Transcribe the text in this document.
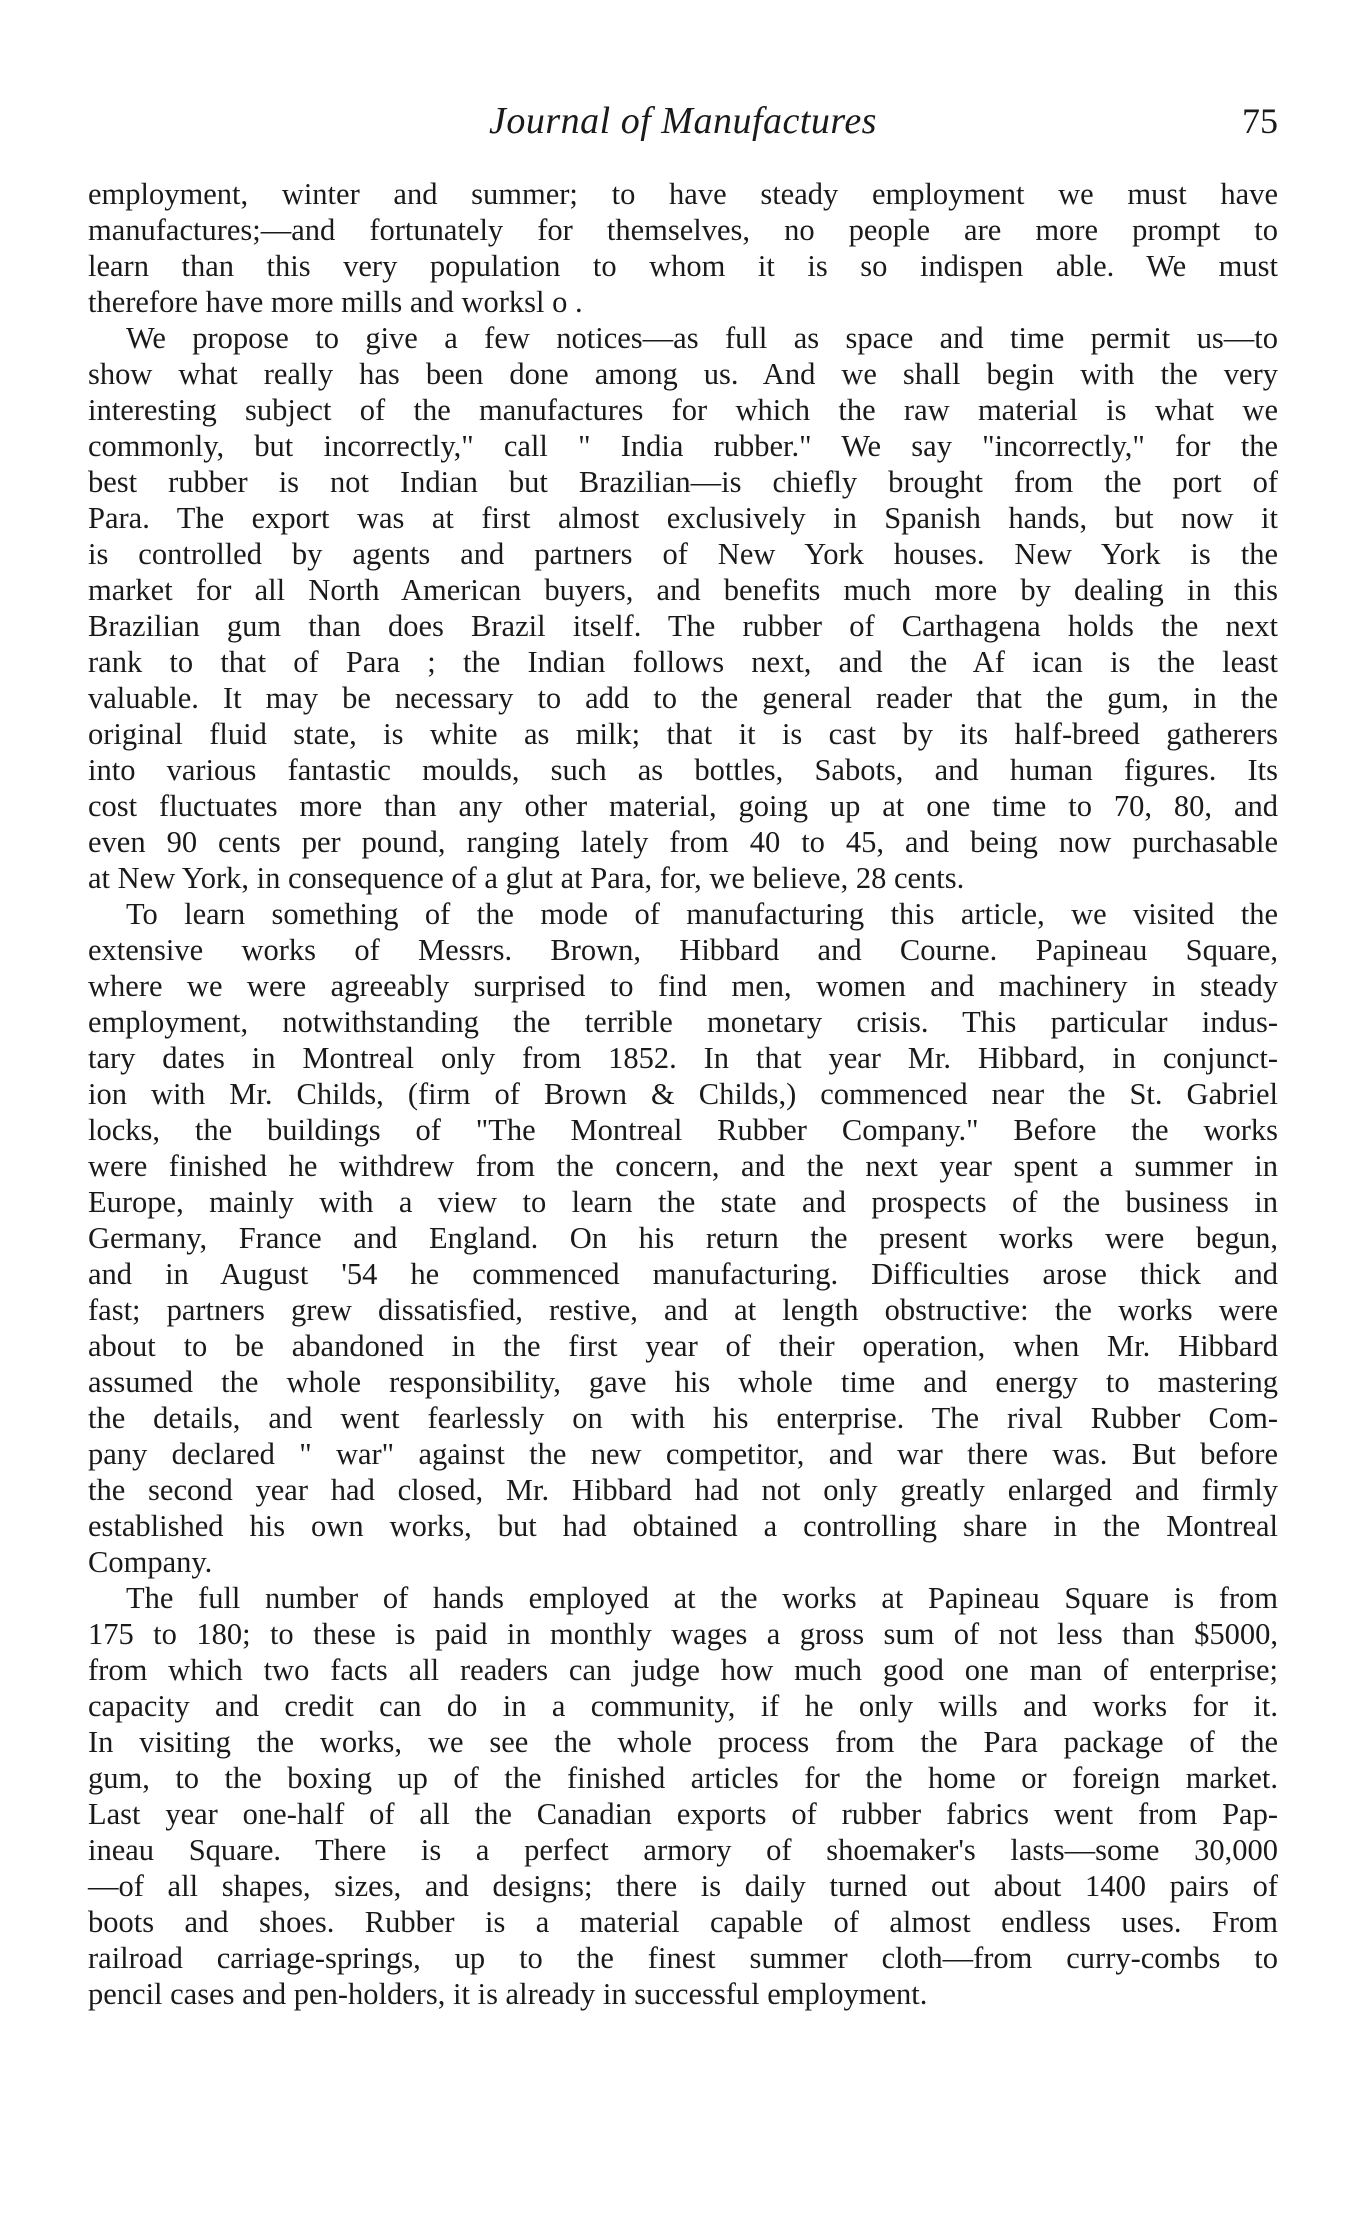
Journal of Manufactures	75
employment, winter and summer; to have steady employment we must have
manufactures;—and fortunately for themselves, no people are more prompt to
learn than this very population to whom it is so indispen able. We must
therefore have more mills and worksl o .
We propose to give a few notices—as full as space and time permit us—to
show what really has been done among us. And we shall begin with the very
interesting subject of the manufactures for which the raw material is what we
commonly, but incorrectly," call " India rubber." We say "incorrectly," for the
best rubber is not Indian but Brazilian—is chiefly brought from the port of
Para. The export was at first almost exclusively in Spanish hands, but now it
is controlled by agents and partners of New York houses. New York is the
market for all North American buyers, and benefits much more by dealing in this
Brazilian gum than does Brazil itself. The rubber of Carthagena holds the next
rank to that of Para ; the Indian follows next, and the Af ican is the least
valuable. It may be necessary to add to the general reader that the gum, in the
original fluid state, is white as milk; that it is cast by its half-breed gatherers
into various fantastic moulds, such as bottles, Sabots, and human figures. Its
cost fluctuates more than any other material, going up at one time to 70, 80, and
even 90 cents per pound, ranging lately from 40 to 45, and being now purchasable
at New York, in consequence of a glut at Para, for, we believe, 28 cents.
To learn something of the mode of manufacturing this article, we visited the
extensive works of Messrs. Brown, Hibbard and Courne. Papineau Square,
where we were agreeably surprised to find men, women and machinery in steady
employment, notwithstanding the terrible monetary crisis. This particular indus-
tary dates in Montreal only from 1852. In that year Mr. Hibbard, in conjunct-
ion with Mr. Childs, (firm of Brown & Childs,) commenced near the St. Gabriel
locks, the buildings of "The Montreal Rubber Company." Before the works
were finished he withdrew from the concern, and the next year spent a summer in
Europe, mainly with a view to learn the state and prospects of the business in
Germany, France and England. On his return the present works were begun,
and in August '54 he commenced manufacturing. Difficulties arose thick and
fast; partners grew dissatisfied, restive, and at length obstructive: the works were
about to be abandoned in the first year of their operation, when Mr. Hibbard
assumed the whole responsibility, gave his whole time and energy to mastering
the details, and went fearlessly on with his enterprise. The rival Rubber Com-
pany declared " war" against the new competitor, and war there was. But before
the second year had closed, Mr. Hibbard had not only greatly enlarged and firmly
established his own works, but had obtained a controlling share in the Montreal
Company.
The full number of hands employed at the works at Papineau Square is from
175 to 180; to these is paid in monthly wages a gross sum of not less than $5000,
from which two facts all readers can judge how much good one man of enterprise;
capacity and credit can do in a community, if he only wills and works for it.
In visiting the works, we see the whole process from the Para package of the
gum, to the boxing up of the finished articles for the home or foreign market.
Last year one-half of all the Canadian exports of rubber fabrics went from Pap-
ineau Square. There is a perfect armory of shoemaker's lasts—some 30,000
—of all shapes, sizes, and designs; there is daily turned out about 1400 pairs of
boots and shoes. Rubber is a material capable of almost endless uses. From
railroad carriage-springs, up to the finest summer cloth—from curry-combs to
pencil cases and pen-holders, it is already in successful employment.
